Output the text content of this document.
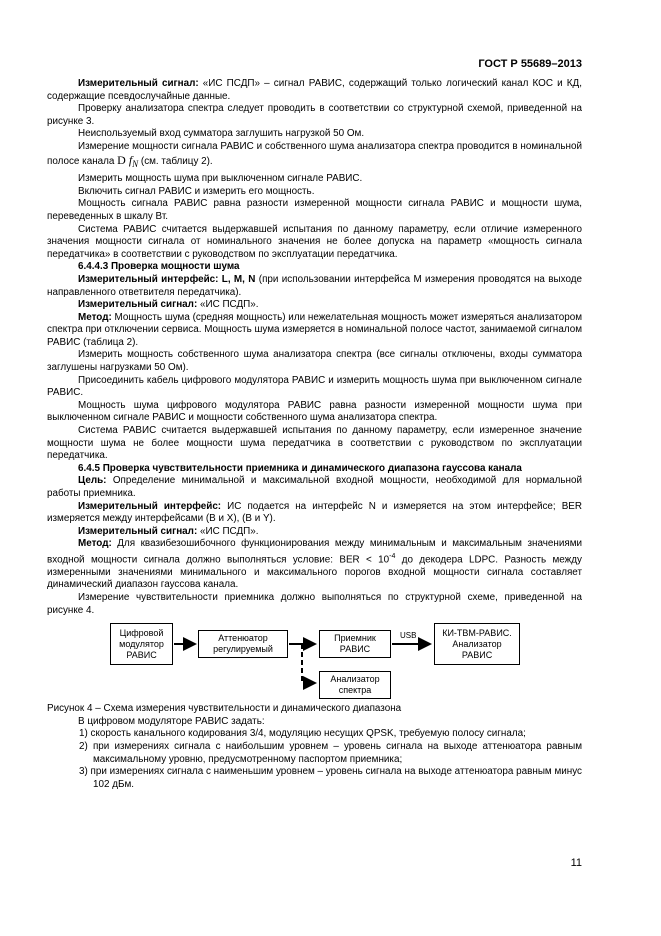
ГОСТ Р 55689–2013

Измерительный сигнал: «ИС ПСДП» – сигнал РАВИС, содержащий только логический канал КОС и КД, содержащие псевдослучайные данные.

Проверку анализатора спектра следует проводить в соответствии со структурной схемой, приведенной на рисунке 3.

Неиспользуемый вход сумматора заглушить нагрузкой 50 Ом.

Измерение мощности сигнала РАВИС и собственного шума анализатора спектра проводится в номинальной полосе канала D $f_N$ (см. таблицу 2).

Измерить мощность шума при выключенном сигнале РАВИС.

Включить сигнал РАВИС и измерить его мощность.

Мощность сигнала РАВИС равна разности измеренной мощности сигнала РАВИС и мощности шума, переведенных в шкалу Вт.

Система РАВИС считается выдержавшей испытания по данному параметру, если отличие измеренного значения мощности сигнала от номинального значения не более допуска на параметр «мощность сигнала передатчика» в соответствии с руководством по эксплуатации передатчика.

6.4.4.3 Проверка мощности шума

Измерительный интерфейс: L, M, N (при использовании интерфейса М измерения проводятся на выходе направленного ответвителя передатчика).

Измерительный сигнал: «ИС ПСДП».

Метод: Мощность шума (средняя мощность) или нежелательная мощность может измеряться анализатором спектра при отключении сервиса. Мощность шума измеряется в номинальной полосе частот, занимаемой сигналом РАВИС (таблица 2).

Измерить мощность собственного шума анализатора спектра (все сигналы отключены, входы сумматора заглушены нагрузками 50 Ом).

Присоединить кабель цифрового модулятора РАВИС и измерить мощность шума при выключенном сигнале РАВИС.

Мощность шума цифрового модулятора РАВИС равна разности измеренной мощности шума при выключенном сигнале РАВИС и мощности собственного шума анализатора спектра.

Система РАВИС считается выдержавшей испытания по данному параметру, если измеренное значение мощности шума не более мощности шума передатчика в соответствии с руководством по эксплуатации передатчика.

6.4.5 Проверка чувствительности приемника и динамического диапазона гауссова канала

Цель: Определение минимальной и максимальной входной мощности, необходимой для нормальной работы приемника.

Измерительный интерфейс: ИС подается на интерфейс N и измеряется на этом интерфейсе; BER измеряется между интерфейсами (B и X), (B и Y).

Измерительный сигнал: «ИС ПСДП».

Метод: Для квазибезошибочного функционирования между минимальным и максимальным значениями входной мощности сигнала должно выполняться условие: BER < $10^{-4}$ до декодера LDPC. Разность между измеренными значениями минимального и максимального порогов входной мощности сигнала составляет динамический диапазон гауссова канала.

Измерение чувствительности приемника должно выполняться по структурной схеме, приведенной на рисунке 4.

Цифровой
модулятор
РАВИС
Аттенюатор
регулируемый
Приемник
РАВИС
КИ-ТВМ-РАВИС.
Анализатор
РАВИС
Анализатор
спектра
USB

Рисунок 4 – Схема измерения чувствительности и динамического диапазона

В цифровом модуляторе РАВИС задать:

1) скорость канального кодирования 3/4, модуляцию несущих QPSK, требуемую полосу сигнала;

2) при измерениях сигнала с наибольшим уровнем – уровень сигнала на выходе аттенюатора равным максимальному уровню, предусмотренному паспортом приемника;

3) при измерениях сигнала с наименьшим уровнем – уровень сигнала на выходе аттенюатора равным минус 102 дБм.

11
